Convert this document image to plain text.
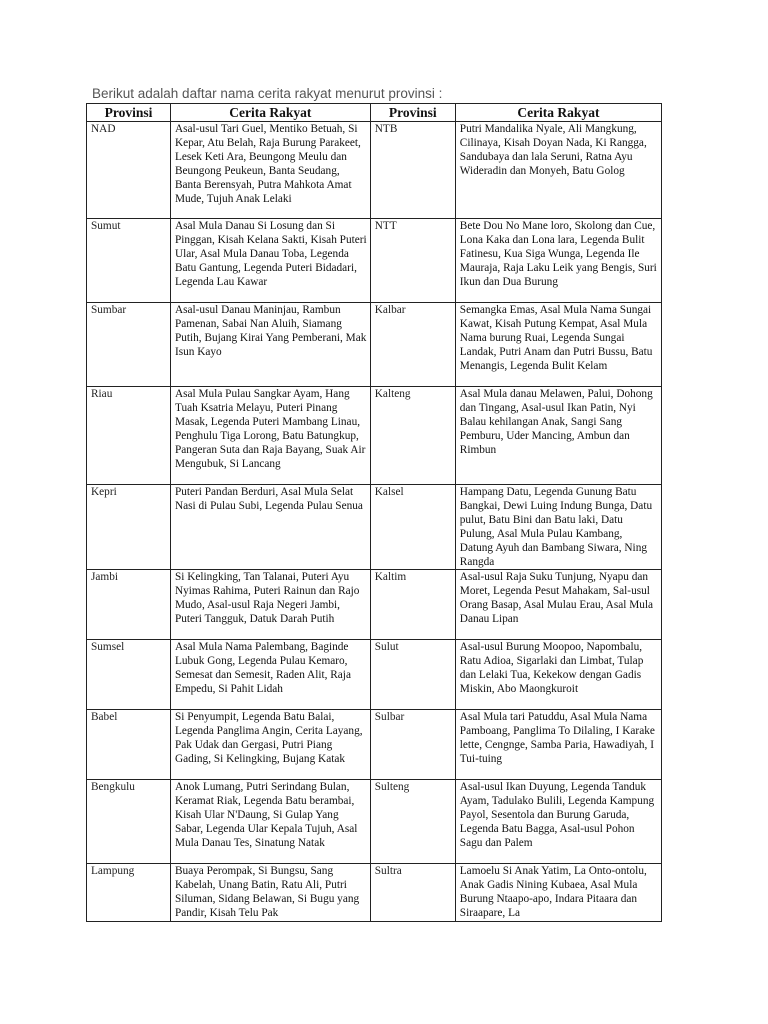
Berikut adalah daftar nama cerita rakyat menurut provinsi :
Provinsi	Cerita Rakyat	Provinsi	Cerita Rakyat
NAD	Asal-usul Tari Guel, Mentiko Betuah, Si Kepar, Atu Belah, Raja Burung Parakeet, Lesek Keti Ara, Beungong Meulu dan Beungong Peukeun, Banta Seudang, Banta Berensyah, Putra Mahkota Amat Mude, Tujuh Anak Lelaki	NTB	Putri Mandalika Nyale, Ali Mangkung, Cilinaya, Kisah Doyan Nada, Ki Rangga, Sandubaya dan lala Seruni, Ratna Ayu Wideradin dan Monyeh, Batu Golog
Sumut	Asal Mula Danau Si Losung dan Si Pinggan, Kisah Kelana Sakti, Kisah Puteri Ular, Asal Mula Danau Toba, Legenda Batu Gantung, Legenda Puteri Bidadari, Legenda Lau Kawar	NTT	Bete Dou No Mane loro, Skolong dan Cue, Lona Kaka dan Lona lara, Legenda Bulit Fatinesu, Kua Siga Wunga, Legenda Ile Mauraja, Raja Laku Leik yang Bengis, Suri Ikun dan Dua Burung
Sumbar	Asal-usul Danau Maninjau, Rambun Pamenan, Sabai Nan Aluih, Siamang Putih, Bujang Kirai Yang Pemberani, Mak Isun Kayo	Kalbar	Semangka Emas, Asal Mula Nama Sungai Kawat, Kisah Putung Kempat, Asal Mula Nama burung Ruai, Legenda Sungai Landak, Putri Anam dan Putri Bussu, Batu Menangis, Legenda Bulit Kelam
Riau	Asal Mula Pulau Sangkar Ayam, Hang Tuah Ksatria Melayu, Puteri Pinang Masak, Legenda Puteri Mambang Linau, Penghulu Tiga Lorong, Batu Batungkup, Pangeran Suta dan Raja Bayang, Suak Air Mengubuk, Si Lancang	Kalteng	Asal Mula danau Melawen, Palui, Dohong dan Tingang, Asal-usul Ikan Patin, Nyi Balau kehilangan Anak, Sangi Sang Pemburu, Uder Mancing, Ambun dan Rimbun
Kepri	Puteri Pandan Berduri, Asal Mula Selat Nasi di Pulau Subi, Legenda Pulau Senua	Kalsel	Hampang Datu, Legenda Gunung Batu Bangkai, Dewi Luing Indung Bunga, Datu pulut, Batu Bini dan Batu laki, Datu Pulung, Asal Mula Pulau Kambang, Datung Ayuh dan Bambang Siwara, Ning Rangda
Jambi	Si Kelingking, Tan Talanai, Puteri Ayu Nyimas Rahima, Puteri Rainun dan Rajo Mudo, Asal-usul Raja Negeri Jambi, Puteri Tangguk, Datuk Darah Putih	Kaltim	Asal-usul Raja Suku Tunjung, Nyapu dan Moret, Legenda Pesut Mahakam, Sal-usul Orang Basap, Asal Mulau Erau, Asal Mula Danau Lipan
Sumsel	Asal Mula Nama Palembang, Baginde Lubuk Gong, Legenda Pulau Kemaro, Semesat dan Semesit, Raden Alit, Raja Empedu, Si Pahit Lidah	Sulut	Asal-usul Burung Moopoo, Napombalu, Ratu Adioa, Sigarlaki dan Limbat, Tulap dan Lelaki Tua, Kekekow dengan Gadis Miskin, Abo Maongkuroit
Babel	Si Penyumpit, Legenda Batu Balai, Legenda Panglima Angin, Cerita Layang, Pak Udak dan Gergasi, Putri Piang Gading, Si Kelingking, Bujang Katak	Sulbar	Asal Mula tari Patuddu, Asal Mula Nama Pamboang, Panglima To Dilaling, I Karake lette, Cengnge, Samba Paria, Hawadiyah, I Tui-tuing
Bengkulu	Anok Lumang, Putri Serindang Bulan, Keramat Riak, Legenda Batu berambai, Kisah Ular N'Daung, Si Gulap Yang Sabar, Legenda Ular Kepala Tujuh, Asal Mula Danau Tes, Sinatung Natak	Sulteng	Asal-usul Ikan Duyung, Legenda Tanduk Ayam, Tadulako Bulili, Legenda Kampung Payol, Sesentola dan Burung Garuda, Legenda Batu Bagga, Asal-usul Pohon Sagu dan Palem
Lampung	Buaya Perompak, Si Bungsu, Sang Kabelah, Unang Batin, Ratu Ali, Putri Siluman, Sidang Belawan, Si Bugu yang Pandir, Kisah Telu Pak	Sultra	Lamoelu Si Anak Yatim, La Onto-ontolu, Anak Gadis Nining Kubaea, Asal Mula Burung Ntaapo-apo, Indara Pitaara dan Siraapare, La
